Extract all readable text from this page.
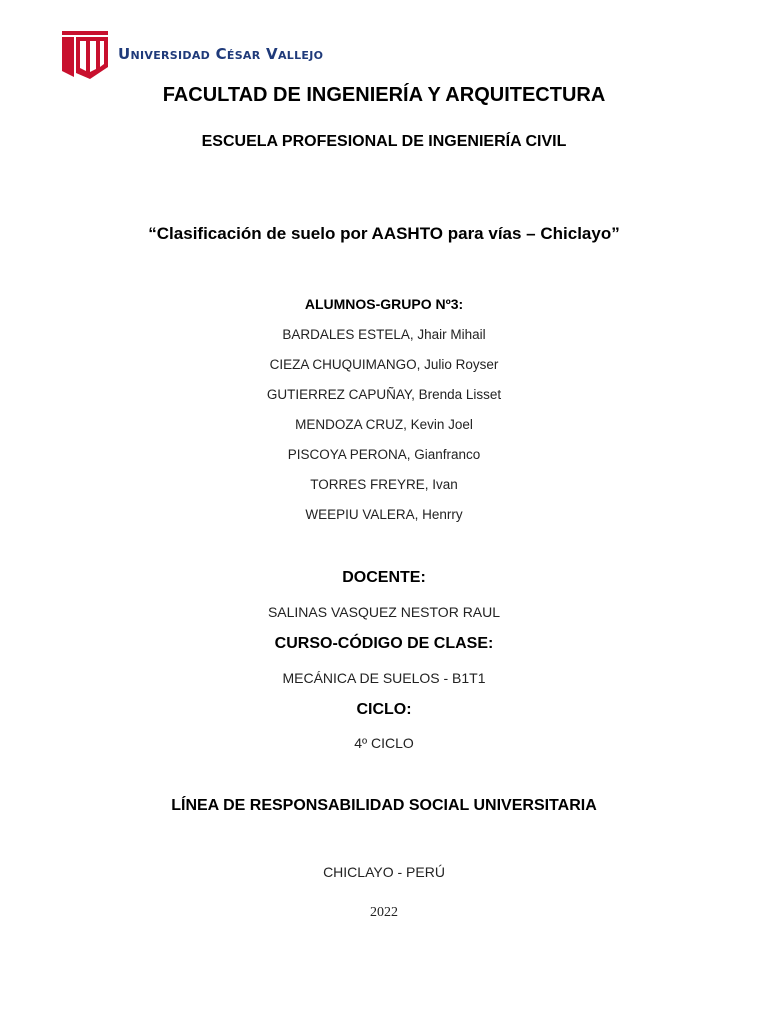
Universidad César Vallejo
FACULTAD DE INGENIERÍA Y ARQUITECTURA
ESCUELA PROFESIONAL DE INGENIERÍA CIVIL
“Clasificación de suelo por AASHTO para vías – Chiclayo”
ALUMNOS-GRUPO Nº3:
BARDALES ESTELA, Jhair Mihail
CIEZA CHUQUIMANGO, Julio Royser
GUTIERREZ CAPUÑAY, Brenda Lisset
MENDOZA CRUZ, Kevin Joel
PISCOYA PERONA, Gianfranco
TORRES FREYRE, Ivan
WEEPIU VALERA, Henrry
DOCENTE:
SALINAS VASQUEZ NESTOR RAUL
CURSO-CÓDIGO DE CLASE:
MECÁNICA DE SUELOS - B1T1
CICLO:
4º CICLO
LÍNEA DE RESPONSABILIDAD SOCIAL UNIVERSITARIA
CHICLAYO - PERÚ
2022
